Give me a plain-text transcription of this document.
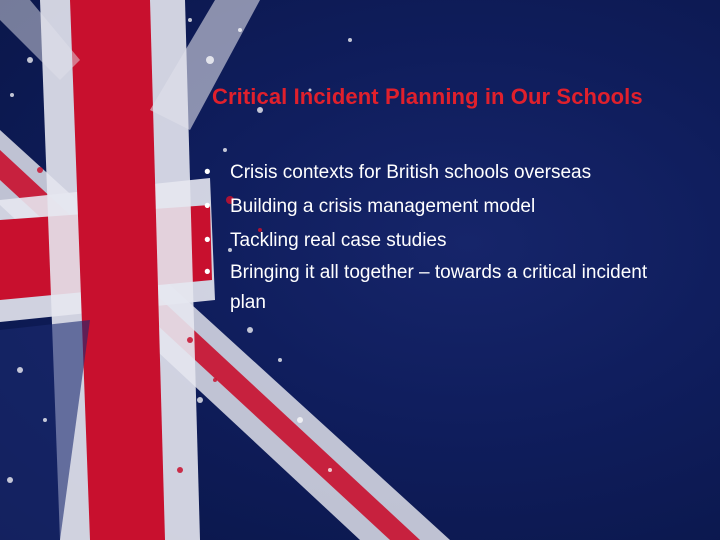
Critical Incident Planning in Our Schools
• Crisis contexts for British schools overseas
• Building a crisis management model
• Tackling real case studies
• Bringing it all together – towards a critical incident plan
